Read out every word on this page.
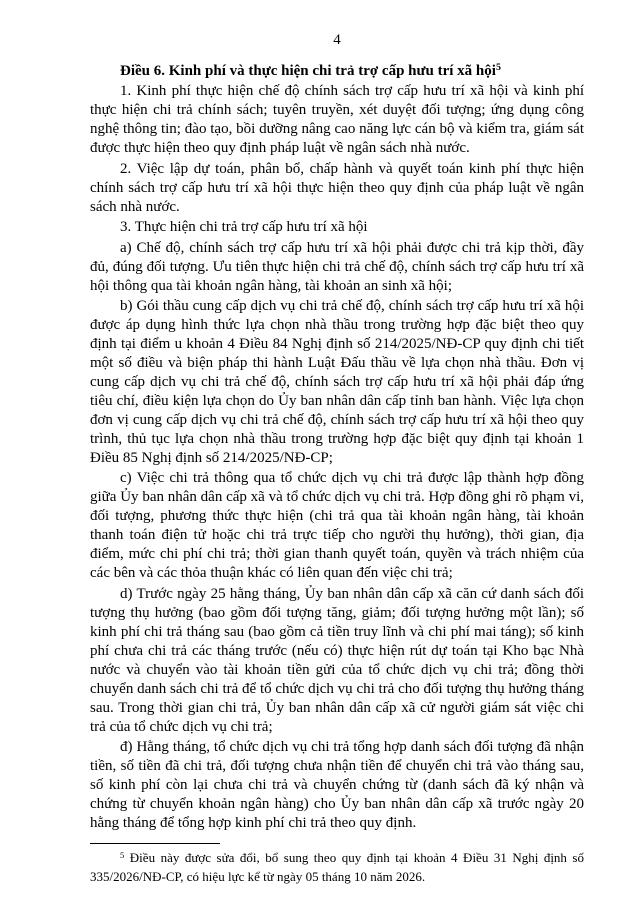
4
Điều 6. Kinh phí và thực hiện chi trả trợ cấp hưu trí xã hội$^5$

1. Kinh phí thực hiện chế độ chính sách trợ cấp hưu trí xã hội và kinh phí thực hiện chi trả chính sách; tuyên truyền, xét duyệt đối tượng; ứng dụng công nghệ thông tin; đào tạo, bồi dưỡng nâng cao năng lực cán bộ và kiểm tra, giám sát được thực hiện theo quy định pháp luật về ngân sách nhà nước.

2. Việc lập dự toán, phân bổ, chấp hành và quyết toán kinh phí thực hiện chính sách trợ cấp hưu trí xã hội thực hiện theo quy định của pháp luật về ngân sách nhà nước.

3. Thực hiện chi trả trợ cấp hưu trí xã hội

a) Chế độ, chính sách trợ cấp hưu trí xã hội phải được chi trả kịp thời, đầy đủ, đúng đối tượng. Ưu tiên thực hiện chi trả chế độ, chính sách trợ cấp hưu trí xã hội thông qua tài khoản ngân hàng, tài khoản an sinh xã hội;

b) Gói thầu cung cấp dịch vụ chi trả chế độ, chính sách trợ cấp hưu trí xã hội được áp dụng hình thức lựa chọn nhà thầu trong trường hợp đặc biệt theo quy định tại điểm u khoản 4 Điều 84 Nghị định số 214/2025/NĐ-CP quy định chi tiết một số điều và biện pháp thi hành Luật Đấu thầu về lựa chọn nhà thầu. Đơn vị cung cấp dịch vụ chi trả chế độ, chính sách trợ cấp hưu trí xã hội phải đáp ứng tiêu chí, điều kiện lựa chọn do Ủy ban nhân dân cấp tỉnh ban hành. Việc lựa chọn đơn vị cung cấp dịch vụ chi trả chế độ, chính sách trợ cấp hưu trí xã hội theo quy trình, thủ tục lựa chọn nhà thầu trong trường hợp đặc biệt quy định tại khoản 1 Điều 85 Nghị định số 214/2025/NĐ-CP;

c) Việc chi trả thông qua tổ chức dịch vụ chi trả được lập thành hợp đồng giữa Ủy ban nhân dân cấp xã và tổ chức dịch vụ chi trả. Hợp đồng ghi rõ phạm vi, đối tượng, phương thức thực hiện (chi trả qua tài khoản ngân hàng, tài khoản thanh toán điện tử hoặc chi trả trực tiếp cho người thụ hưởng), thời gian, địa điểm, mức chi phí chi trả; thời gian thanh quyết toán, quyền và trách nhiệm của các bên và các thỏa thuận khác có liên quan đến việc chi trả;

d) Trước ngày 25 hằng tháng, Ủy ban nhân dân cấp xã căn cứ danh sách đối tượng thụ hưởng (bao gồm đối tượng tăng, giảm; đối tượng hưởng một lần); số kinh phí chi trả tháng sau (bao gồm cả tiền truy lĩnh và chi phí mai táng); số kinh phí chưa chi trả các tháng trước (nếu có) thực hiện rút dự toán tại Kho bạc Nhà nước và chuyển vào tài khoản tiền gửi của tổ chức dịch vụ chi trả; đồng thời chuyển danh sách chi trả để tổ chức dịch vụ chi trả cho đối tượng thụ hưởng tháng sau. Trong thời gian chi trả, Ủy ban nhân dân cấp xã cử người giám sát việc chi trả của tổ chức dịch vụ chi trả;

đ) Hằng tháng, tổ chức dịch vụ chi trả tổng hợp danh sách đối tượng đã nhận tiền, số tiền đã chi trả, đối tượng chưa nhận tiền để chuyển chi trả vào tháng sau, số kinh phí còn lại chưa chi trả và chuyển chứng từ (danh sách đã ký nhận và chứng từ chuyển khoản ngân hàng) cho Ủy ban nhân dân cấp xã trước ngày 20 hằng tháng để tổng hợp kinh phí chi trả theo quy định.

$^5$ Điều này được sửa đổi, bổ sung theo quy định tại khoản 4 Điều 31 Nghị định số 335/2026/NĐ-CP, có hiệu lực kể từ ngày 05 tháng 10 năm 2026.
